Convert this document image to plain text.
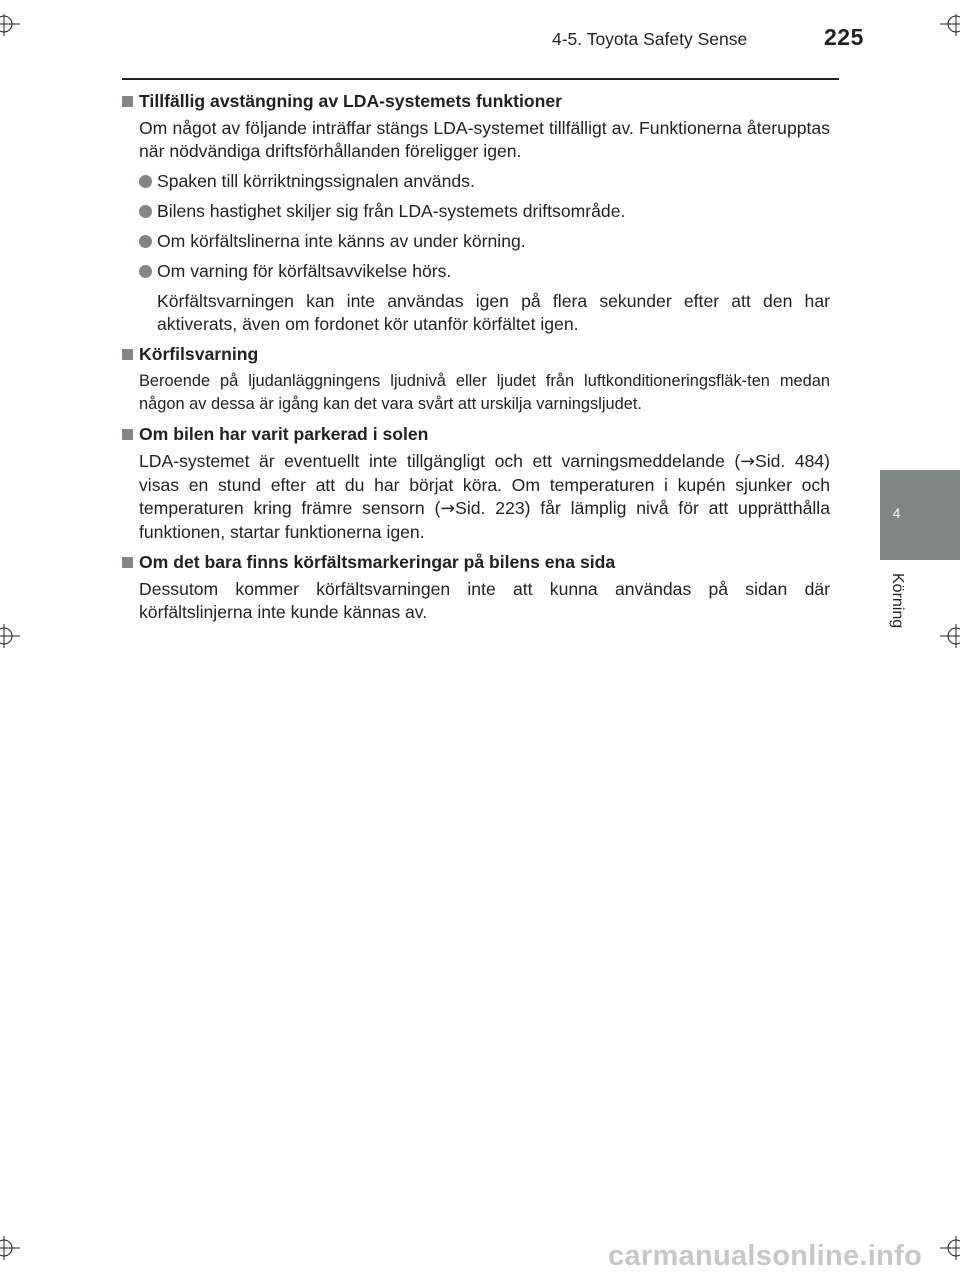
4-5. Toyota Safety Sense	225
4
Körning
Tillfällig avstängning av LDA-systemets funktioner
Om något av följande inträffar stängs LDA-systemet tillfälligt av. Funktionerna återupptas när nödvändiga driftsförhållanden föreligger igen.
Spaken till körriktningssignalen används.
Bilens hastighet skiljer sig från LDA-systemets driftsområde.
Om körfältslinerna inte känns av under körning.
Om varning för körfältsavvikelse hörs.
Körfältsvarningen kan inte användas igen på flera sekunder efter att den har aktiverats, även om fordonet kör utanför körfältet igen.
Körfilsvarning
Beroende på ljudanläggningens ljudnivå eller ljudet från luftkonditioneringsfläk-ten medan någon av dessa är igång kan det vara svårt att urskilja varningsljudet.
Om bilen har varit parkerad i solen
LDA-systemet är eventuellt inte tillgängligt och ett varningsmeddelande (→Sid. 484) visas en stund efter att du har börjat köra. Om temperaturen i kupén sjunker och temperaturen kring främre sensorn (→Sid. 223) får lämplig nivå för att upprätthålla funktionen, startar funktionerna igen.
Om det bara finns körfältsmarkeringar på bilens ena sida
Dessutom kommer körfältsvarningen inte att kunna användas på sidan där körfältslinjerna inte kunde kännas av.
carmanualsonline.info
